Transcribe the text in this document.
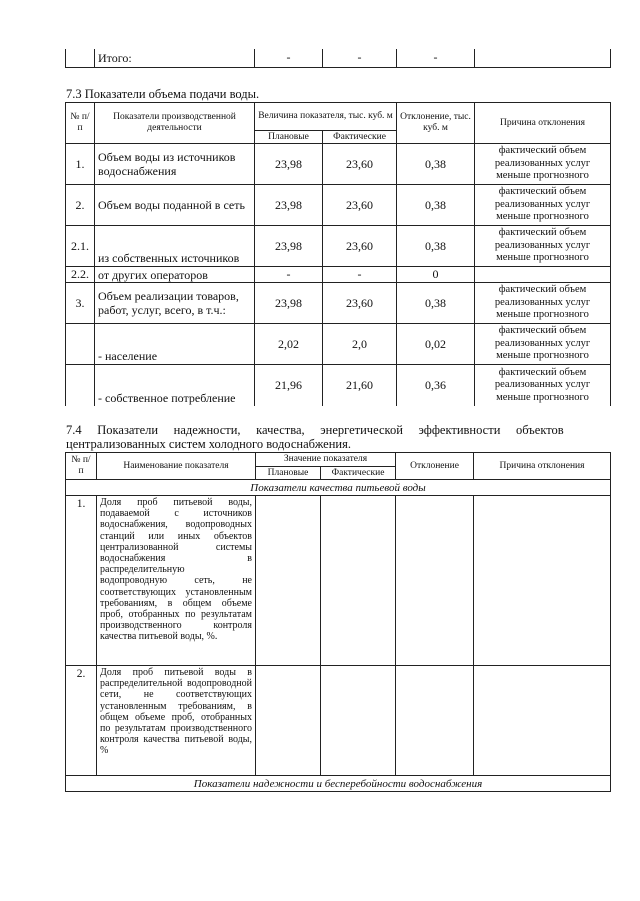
	Итого:	-	-	-	
7.3 Показатели объема подачи воды.
№ п/п	Показатели производственной деятельности	Величина показателя, тыс. куб. м		Отклонение, тыс. куб. м	Причина отклонения
		Плановые	Фактические		
1.	Объем воды из источников водоснабжения	23,98	23,60	0,38	фактический объем реализованных услуг меньше прогнозного
2.	Объем воды поданной в сеть	23,98	23,60	0,38	фактический объем реализованных услуг меньше прогнозного
2.1.	из собственных источников	23,98	23,60	0,38	фактический объем реализованных услуг меньше прогнозного
2.2.	от других операторов	-	-	0	
3.	Объем реализации товаров, работ, услуг, всего, в т.ч.:	23,98	23,60	0,38	фактический объем реализованных услуг меньше прогнозного
	- население	2,02	2,0	0,02	фактический объем реализованных услуг меньше прогнозного
	- собственное потребление	21,96	21,60	0,36	фактический объем реализованных услуг меньше прогнозного
7.4     Показатели     надежности,     качества,     энергетической     эффективности     объектов
централизованных систем холодного водоснабжения.
№ п/п	Наименование показателя	Значение показателя		Отклонение	Причина отклонения
		Плановые	Фактические		
Показатели качества питьевой воды					
1.	Доля проб питьевой воды, подаваемой с источников водоснабжения, водопроводных станций или иных объектов централизованной системы водоснабжения в распределительную водопроводную сеть, не соответствующих установленным требованиям, в общем объеме проб, отобранных по результатам производственного контроля качества питьевой воды, %.				
2.	Доля проб питьевой воды в распределительной водопроводной сети, не соответствующих установленным требованиям, в общем объеме проб, отобранных по результатам производственного контроля качества питьевой воды, %				
Показатели надежности и бесперебойности водоснабжения					
